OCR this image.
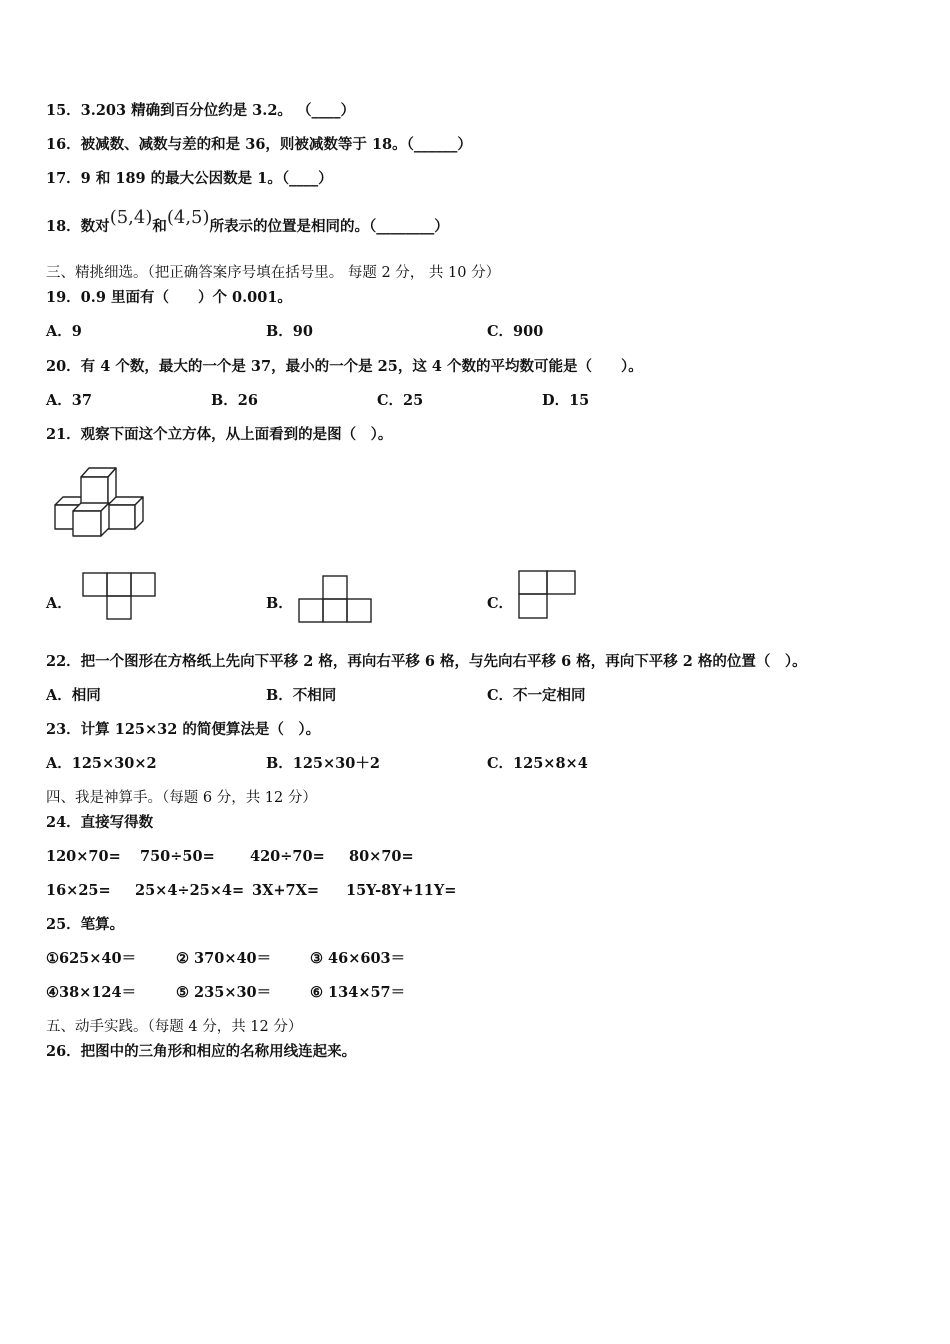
15．3.203 精确到百分位约是 3.2。 （____）
16．被减数、减数与差的和是 36，则被减数等于 18。（______）
17．9 和 189 的最大公因数是 1。（____）
18．数对(5,4)和(4,5)所表示的位置是相同的。（________）
三、精挑细选。（把正确答案序号填在括号里。 每题 2 分， 共 10 分）
19．0.9 里面有（　　）个 0.001。
A．9	B．90	C．900
20．有 4 个数，最大的一个是 37，最小的一个是 25，这 4 个数的平均数可能是（　　）。
A．37	B．26	C．25	D．15
21．观察下面这个立方体，从上面看到的是图（　）。
A．	B．	C．
22．把一个图形在方格纸上先向下平移 2 格，再向右平移 6 格，与先向右平移 6 格，再向下平移 2 格的位置（　）。
A．相同	B．不相同	C．不一定相同
23．计算 125×32 的简便算法是（　）。
A．125×30×2	B．125×30＋2	C．125×8×4
四、我是神算手。（每题 6 分，共 12 分）
24．直接写得数
120×70= 750÷50= 420÷70= 80×70=
16×25= 25×4÷25×4= 3X+7X= 15Y-8Y+11Y=
25．笔算。
①625×40＝	② 370×40＝	③ 46×603＝
④38×124＝	⑤ 235×30＝	⑥ 134×57＝
五、动手实践。（每题 4 分，共 12 分）
26．把图中的三角形和相应的名称用线连起来。
